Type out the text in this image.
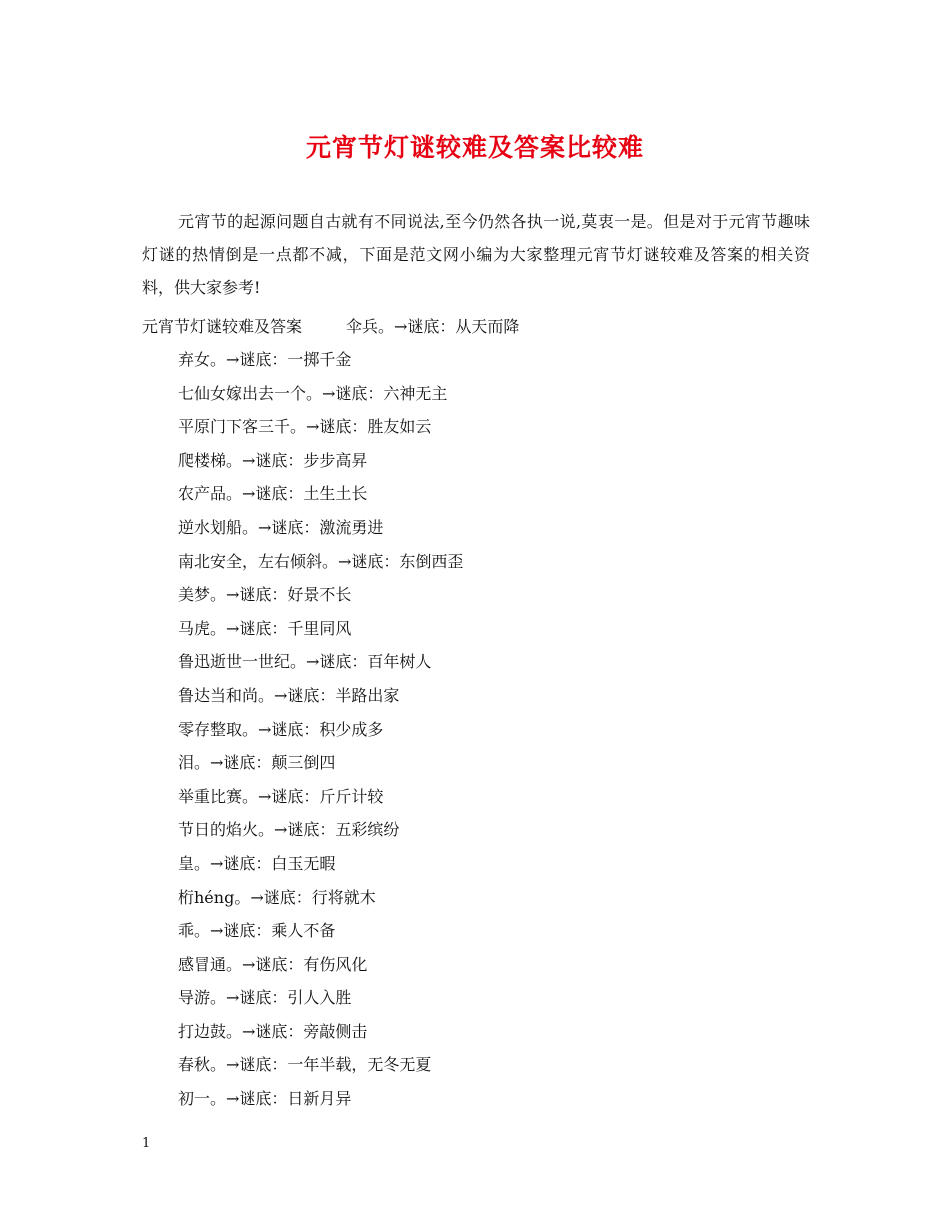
元宵节灯谜较难及答案比较难

元宵节的起源问题自古就有不同说法,至今仍然各执一说,莫衷一是。但是对于元宵节趣味灯谜的热情倒是一点都不减，下面是范文网小编为大家整理元宵节灯谜较难及答案的相关资料，供大家参考!

元宵节灯谜较难及答案	伞兵。→谜底：从天而降
弃女。→谜底：一掷千金
七仙女嫁出去一个。→谜底：六神无主
平原门下客三千。→谜底：胜友如云
爬楼梯。→谜底：步步高昇
农产品。→谜底：土生土长
逆水划船。→谜底：激流勇进
南北安全，左右倾斜。→谜底：东倒西歪
美梦。→谜底：好景不长
马虎。→谜底：千里同风
鲁迅逝世一世纪。→谜底：百年树人
鲁达当和尚。→谜底：半路出家
零存整取。→谜底：积少成多
泪。→谜底：颠三倒四
举重比赛。→谜底：斤斤计较
节日的焰火。→谜底：五彩缤纷
皇。→谜底：白玉无暇
桁héng。→谜底：行将就木
乖。→谜底：乘人不备
感冒通。→谜底：有伤风化
导游。→谜底：引人入胜
打边鼓。→谜底：旁敲侧击
春秋。→谜底：一年半载，无冬无夏
初一。→谜底：日新月异
1
